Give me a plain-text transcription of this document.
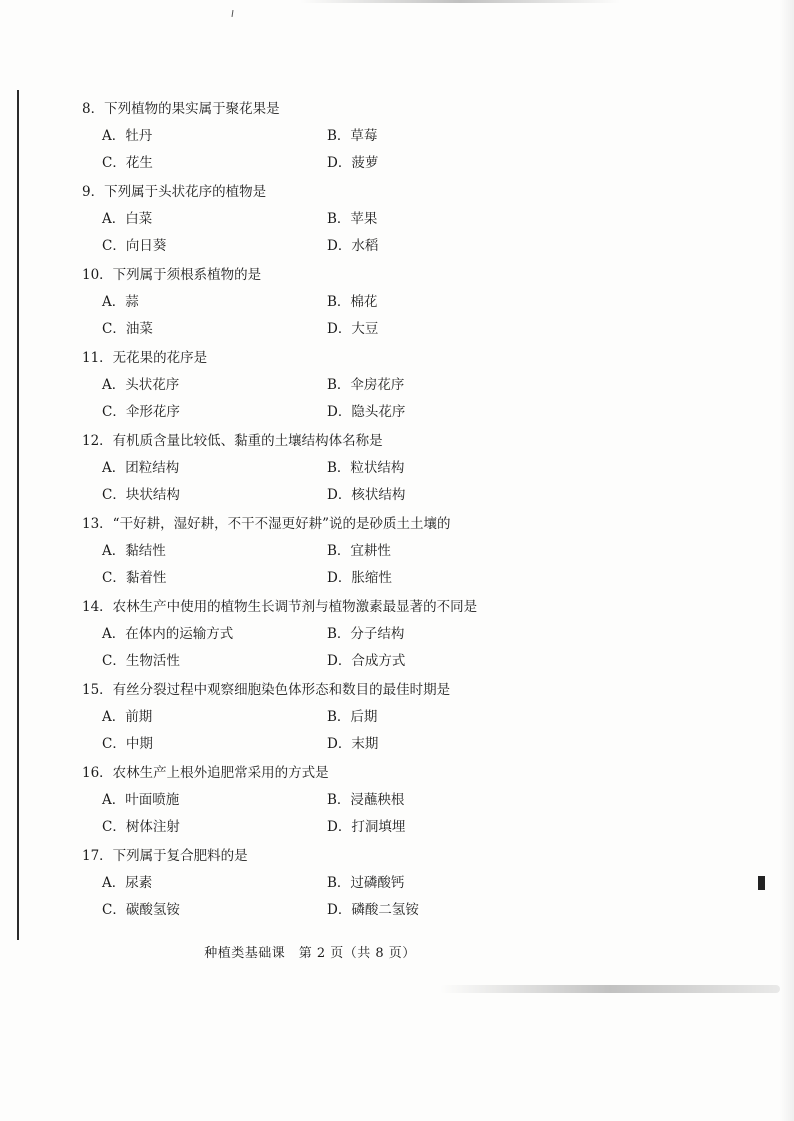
8．下列植物的果实属于聚花果是
A．牡丹	B．草莓
C．花生	D．菠萝
9．下列属于头状花序的植物是
A．白菜	B．苹果
C．向日葵	D．水稻
10．下列属于须根系植物的是
A．蒜	B．棉花
C．油菜	D．大豆
11．无花果的花序是
A．头状花序	B．伞房花序
C．伞形花序	D．隐头花序
12．有机质含量比较低、黏重的土壤结构体名称是
A．团粒结构	B．粒状结构
C．块状结构	D．核状结构
13．“干好耕，湿好耕，不干不湿更好耕”说的是砂质土土壤的
A．黏结性	B．宜耕性
C．黏着性	D．胀缩性
14．农林生产中使用的植物生长调节剂与植物激素最显著的不同是
A．在体内的运输方式	B．分子结构
C．生物活性	D．合成方式
15．有丝分裂过程中观察细胞染色体形态和数目的最佳时期是
A．前期	B．后期
C．中期	D．末期
16．农林生产上根外追肥常采用的方式是
A．叶面喷施	B．浸蘸秧根
C．树体注射	D．打洞填埋
17．下列属于复合肥料的是
A．尿素	B．过磷酸钙
C．碳酸氢铵	D．磷酸二氢铵
种植类基础课　第 2 页（共 8 页）
